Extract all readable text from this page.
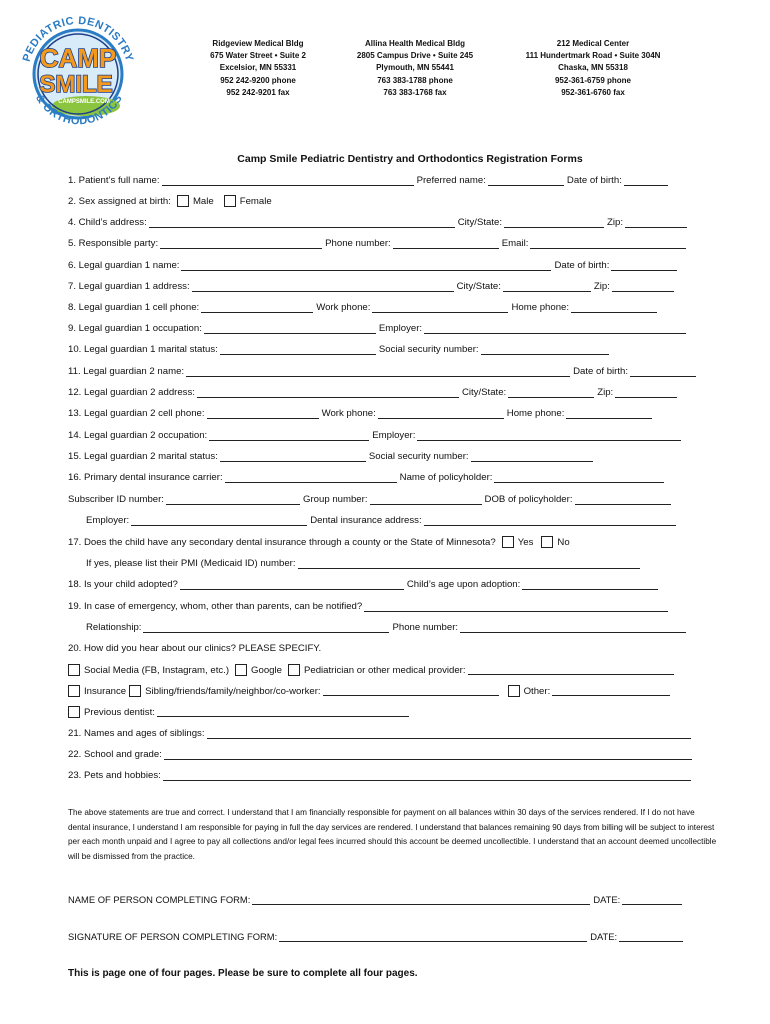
PEDIATRIC DENTISTRY
& ORTHODONTICS
CAMP
SMILE
CAMPSMILE.COM
Ridgeview Medical Bldg
675 Water Street • Suite 2
Excelsior, MN 55331
952 242-9200 phone
952 242-9201 fax
Allina Health Medical Bldg
2805 Campus Drive • Suite 245
Plymouth, MN 55441
763 383-1788 phone
763 383-1768 fax
212 Medical Center
111 Hundertmark Road • Suite 304N
Chaska, MN 55318
952-361-6759 phone
952-361-6760 fax
Camp Smile Pediatric Dentistry and Orthodontics Registration Forms
1. Patient’s full name:	Preferred name:	Date of birth:
2. Sex assigned at birth: Male	Female
4. Child’s address:	City/State:	Zip:
5. Responsible party:	Phone number:	Email:
6. Legal guardian 1 name:	Date of birth:
7. Legal guardian 1 address:	City/State:	Zip:
8. Legal guardian 1 cell phone:	Work phone:	Home phone:
9. Legal guardian 1 occupation:	Employer:
10. Legal guardian 1 marital status:	Social security number:
11. Legal guardian 2 name:	Date of birth:
12. Legal guardian 2 address:	City/State:	Zip:
13. Legal guardian 2 cell phone:	Work phone:	Home phone:
14. Legal guardian 2 occupation:	Employer:
15. Legal guardian 2 marital status:	Social security number:
16. Primary dental insurance carrier:	Name of policyholder:
Subscriber ID number:	Group number:	DOB of policyholder:
Employer:	Dental insurance address:
17. Does the child have any secondary dental insurance through a county or the State of Minnesota? Yes	No
If yes, please list their PMI (Medicaid ID) number:
18. Is your child adopted?	Child’s age upon adoption:
19. In case of emergency, whom, other than parents, can be notified?
Relationship:	Phone number:
20. How did you hear about our clinics? PLEASE SPECIFY.
Social Media (FB, Instagram, etc.) Google Pediatrician or other medical provider:
Insurance Sibling/friends/family/neighbor/co-worker:	Other:
Previous dentist:
21. Names and ages of siblings:
22. School and grade:
23. Pets and hobbies:
The above statements are true and correct. I understand that I am financially responsible for payment on all balances within 30 days of the services rendered. If I do not have dental insurance, I understand I am responsible for paying in full the day services are rendered. I understand that balances remaining 90 days from billing will be subject to interest per each month unpaid and I agree to pay all collections and/or legal fees incurred should this account be deemed uncollectible. I understand that an account deemed uncollectible will be dismissed from the practice.
NAME OF PERSON COMPLETING FORM:	DATE:
SIGNATURE OF PERSON COMPLETING FORM:	DATE:
This is page one of four pages. Please be sure to complete all four pages.
